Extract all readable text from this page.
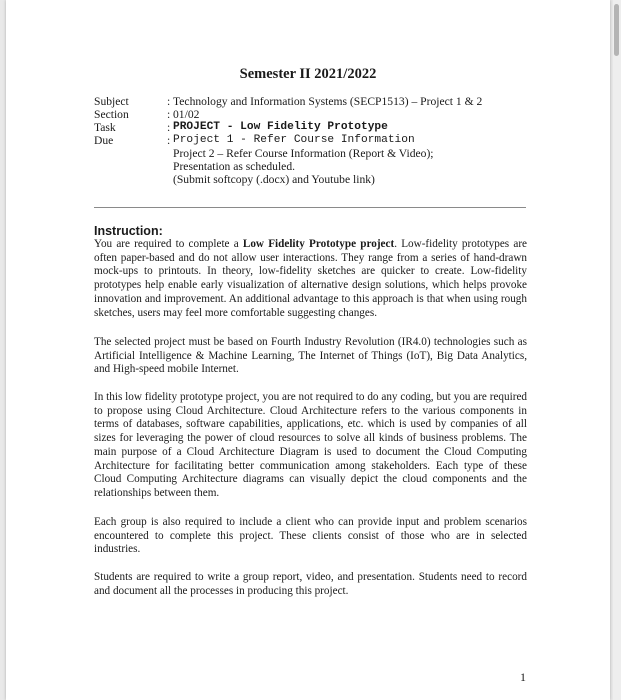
Semester II 2021/2022
Subject	: Technology and Information Systems (SECP1513) – Project 1 & 2
Section	: 01/02
Task	: PROJECT - Low Fidelity Prototype
Due	: Project 1 - Refer Course Information
Project 2 – Refer Course Information (Report & Video);
Presentation as scheduled.
(Submit softcopy (.docx) and Youtube link)
Instruction:

You are required to complete a Low Fidelity Prototype project. Low-fidelity prototypes are often paper-based and do not allow user interactions. They range from a series of hand-drawn mock-ups to printouts. In theory, low-fidelity sketches are quicker to create. Low-fidelity prototypes help enable early visualization of alternative design solutions, which helps provoke innovation and improvement. An additional advantage to this approach is that when using rough sketches, users may feel more comfortable suggesting changes.

The selected project must be based on Fourth Industry Revolution (IR4.0) technologies such as Artificial Intelligence & Machine Learning, The Internet of Things (IoT), Big Data Analytics, and High-speed mobile Internet.

In this low fidelity prototype project, you are not required to do any coding, but you are required to propose using Cloud Architecture. Cloud Architecture refers to the various components in terms of databases, software capabilities, applications, etc. which is used by companies of all sizes for leveraging the power of cloud resources to solve all kinds of business problems. The main purpose of a Cloud Architecture Diagram is used to document the Cloud Computing Architecture for facilitating better communication among stakeholders. Each type of these Cloud Computing Architecture diagrams can visually depict the cloud components and the relationships between them.

Each group is also required to include a client who can provide input and problem scenarios encountered to complete this project. These clients consist of those who are in selected industries.

Students are required to write a group report, video, and presentation. Students need to record and document all the processes in producing this project.

1
